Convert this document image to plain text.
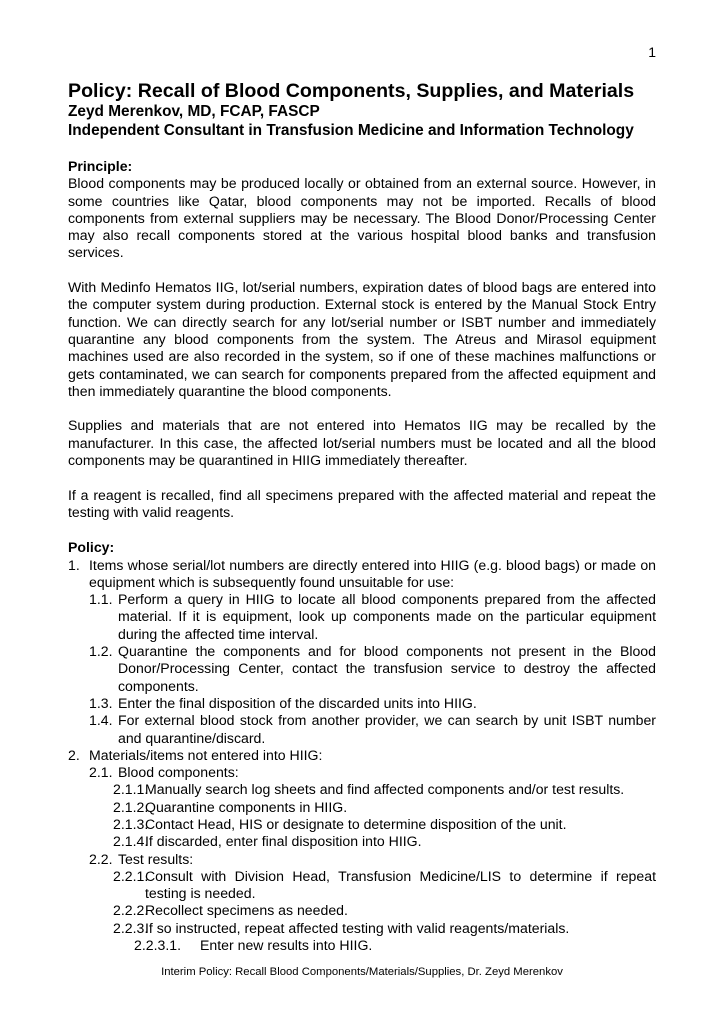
1
Policy: Recall of Blood Components, Supplies, and Materials
Zeyd Merenkov, MD, FCAP, FASCP
Independent Consultant in Transfusion Medicine and Information Technology
Principle:

Blood components may be produced locally or obtained from an external source. However, in some countries like Qatar, blood components may not be imported. Recalls of blood components from external suppliers may be necessary. The Blood Donor/Processing Center may also recall components stored at the various hospital blood banks and transfusion services.

With Medinfo Hematos IIG, lot/serial numbers, expiration dates of blood bags are entered into the computer system during production. External stock is entered by the Manual Stock Entry function. We can directly search for any lot/serial number or ISBT number and immediately quarantine any blood components from the system. The Atreus and Mirasol equipment machines used are also recorded in the system, so if one of these machines malfunctions or gets contaminated, we can search for components prepared from the affected equipment and then immediately quarantine the blood components.

Supplies and materials that are not entered into Hematos IIG may be recalled by the manufacturer. In this case, the affected lot/serial numbers must be located and all the blood components may be quarantined in HIIG immediately thereafter.

If a reagent is recalled, find all specimens prepared with the affected material and repeat the testing with valid reagents.

Policy:
1. Items whose serial/lot numbers are directly entered into HIIG (e.g. blood bags) or made on equipment which is subsequently found unsuitable for use:
1.1. Perform a query in HIIG to locate all blood components prepared from the affected material. If it is equipment, look up components made on the particular equipment during the affected time interval.
1.2. Quarantine the components and for blood components not present in the Blood Donor/Processing Center, contact the transfusion service to destroy the affected components.
1.3. Enter the final disposition of the discarded units into HIIG.
1.4. For external blood stock from another provider, we can search by unit ISBT number and quarantine/discard.
2. Materials/items not entered into HIIG:
2.1. Blood components:
2.1.1.
Manually search log sheets and find affected components and/or test results.
2.1.2.
Quarantine components in HIIG.
2.1.3.
Contact Head, HIS or designate to determine disposition of the unit.
2.1.4.
If discarded, enter final disposition into HIIG.
2.2. Test results:
2.2.1.
Consult with Division Head, Transfusion Medicine/LIS to determine if repeat testing is needed.
2.2.2.
Recollect specimens as needed.
2.2.3.
If so instructed, repeat affected testing with valid reagents/materials.
2.2.3.1. Enter new results into HIIG.
Interim Policy: Recall Blood Components/Materials/Supplies, Dr. Zeyd Merenkov
